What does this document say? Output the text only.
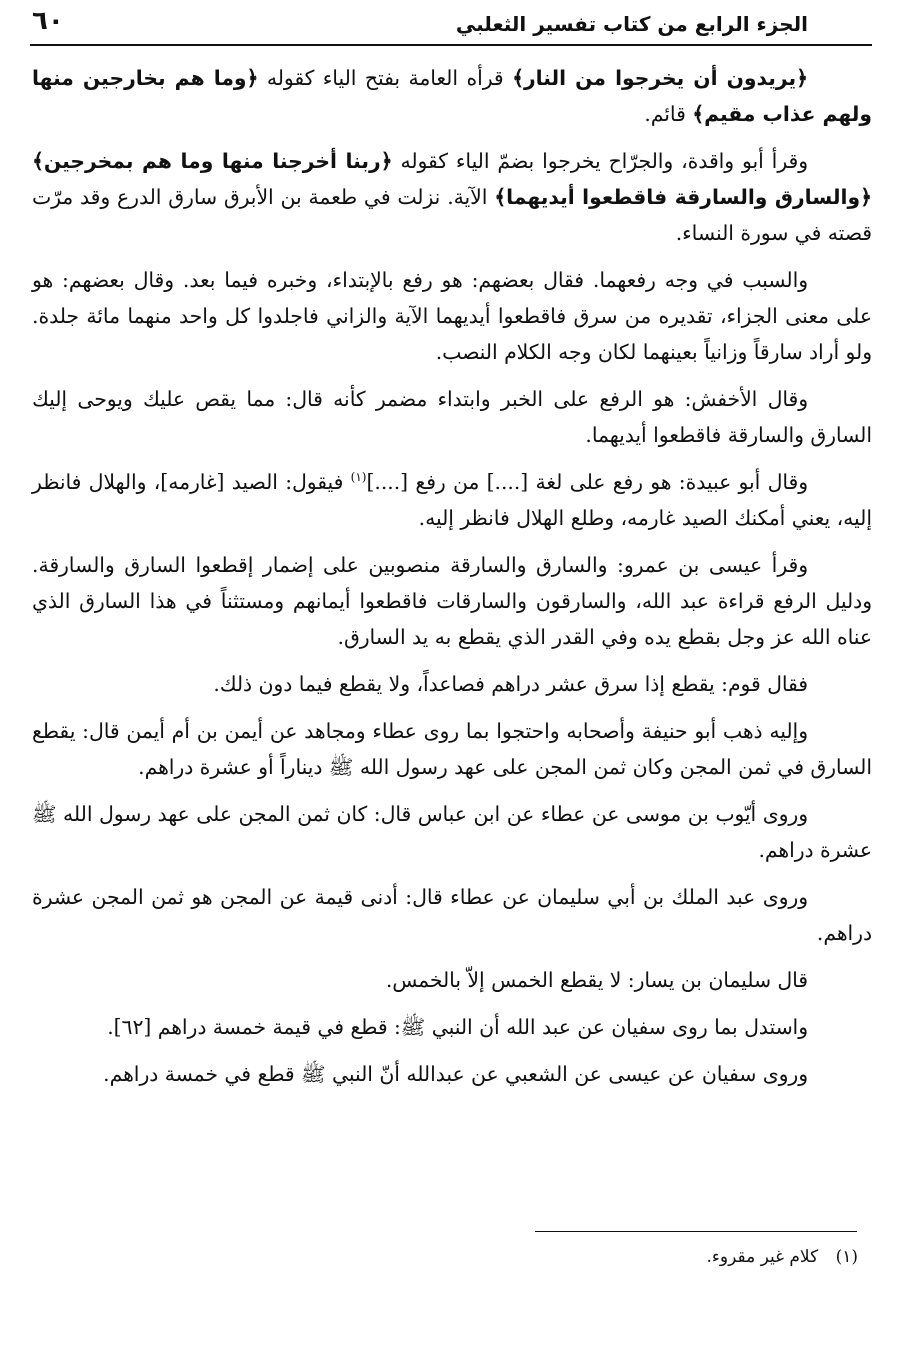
الجزء الرابع من كتاب تفسير الثعلبي
٦٠

﴿يريدون أن يخرجوا من النار﴾ قرأه العامة بفتح الياء كقوله ﴿وما هم بخارجين منها ولهم عذاب مقيم﴾ قائم.

وقرأ أبو واقدة، والجرّاح يخرجوا بضمّ الياء كقوله ﴿ربنا أخرجنا منها وما هم بمخرجين﴾ ﴿والسارق والسارقة فاقطعوا أيديهما﴾ الآية. نزلت في طعمة بن الأبرق سارق الدرع وقد مرّت قصته في سورة النساء.

والسبب في وجه رفعهما. فقال بعضهم: هو رفع بالإبتداء، وخبره فيما بعد. وقال بعضهم: هو على معنى الجزاء، تقديره من سرق فاقطعوا أيديهما الآية والزاني فاجلدوا كل واحد منهما مائة جلدة. ولو أراد سارقاً وزانياً بعينهما لكان وجه الكلام النصب.

وقال الأخفش: هو الرفع على الخبر وابتداء مضمر كأنه قال: مما يقص عليك ويوحى إليك السارق والسارقة فاقطعوا أيديهما.

وقال أبو عبيدة: هو رفع على لغة [....] من رفع [....]$^{(١)}$ فيقول: الصيد [غارمه]، والهلال فانظر إليه، يعني أمكنك الصيد غارمه، وطلع الهلال فانظر إليه.

وقرأ عيسى بن عمرو: والسارق والسارقة منصوبين على إضمار إقطعوا السارق والسارقة. ودليل الرفع قراءة عبد الله، والسارقون والسارقات فاقطعوا أيمانهم ومستثناً في هذا السارق الذي عناه الله عز وجل بقطع يده وفي القدر الذي يقطع به يد السارق.

فقال قوم: يقطع إذا سرق عشر دراهم فصاعداً، ولا يقطع فيما دون ذلك.

وإليه ذهب أبو حنيفة وأصحابه واحتجوا بما روى عطاء ومجاهد عن أيمن بن أم أيمن قال: يقطع السارق في ثمن المجن وكان ثمن المجن على عهد رسول الله ﷺ ديناراً أو عشرة دراهم.

وروى أيّوب بن موسى عن عطاء عن ابن عباس قال: كان ثمن المجن على عهد رسول الله ﷺ عشرة دراهم.

وروى عبد الملك بن أبي سليمان عن عطاء قال: أدنى قيمة عن المجن هو ثمن المجن عشرة دراهم.

قال سليمان بن يسار: لا يقطع الخمس إلاّ بالخمس.

واستدل بما روى سفيان عن عبد الله أن النبي ﷺ: قطع في قيمة خمسة دراهم [٦٢].

وروى سفيان عن عيسى عن الشعبي عن عبدالله أنّ النبي ﷺ قطع في خمسة دراهم.

(١) كلام غير مقروء.
